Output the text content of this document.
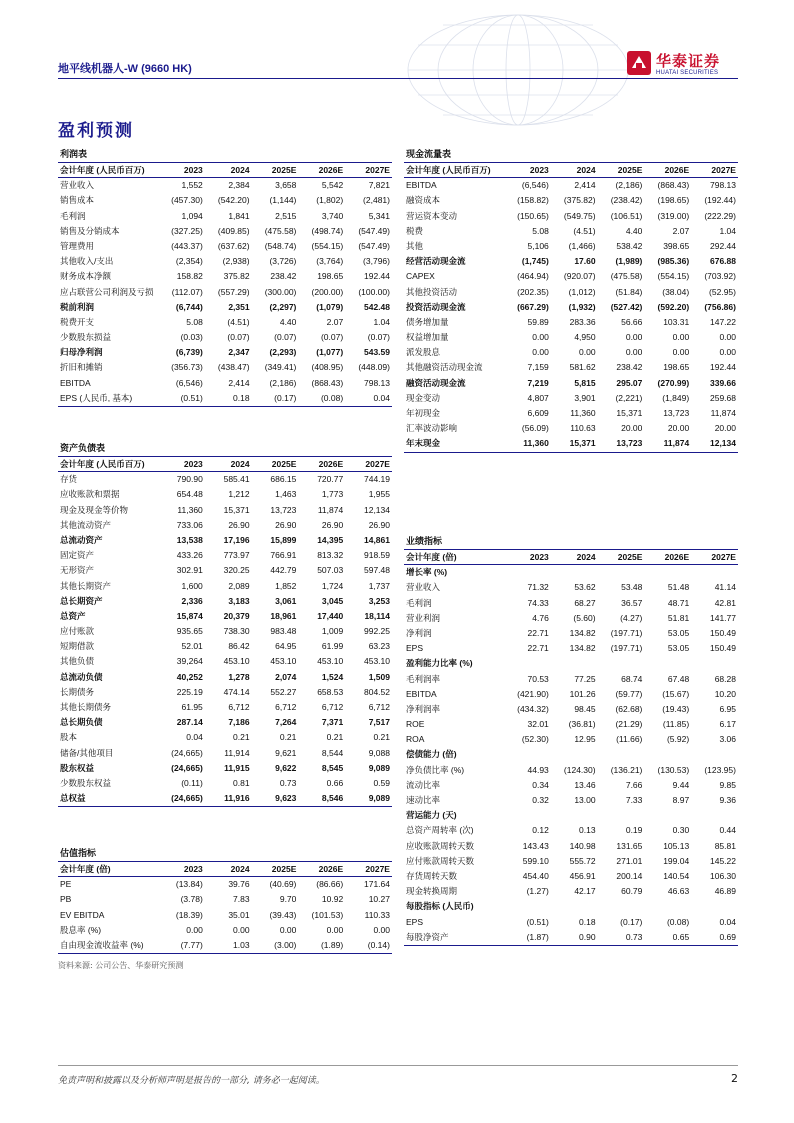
地平线机器人-W (9660 HK)	华泰证券
HUATAI SECURITIES
盈利预测
利润表
会计年度 (人民币百万)	2023	2024	2025E	2026E	2027E
营业收入	1,552	2,384	3,658	5,542	7,821
销售成本	(457.30)	(542.20)	(1,144)	(1,802)	(2,481)
毛利润	1,094	1,841	2,515	3,740	5,341
销售及分销成本	(327.25)	(409.85)	(475.58)	(498.74)	(547.49)
管理费用	(443.37)	(637.62)	(548.74)	(554.15)	(547.49)
其他收入/支出	(2,354)	(2,938)	(3,726)	(3,764)	(3,796)
财务成本净额	158.82	375.82	238.42	198.65	192.44
应占联营公司利润及亏损	(112.07)	(557.29)	(300.00)	(200.00)	(100.00)
税前利润	(6,744)	2,351	(2,297)	(1,079)	542.48
税费开支	5.08	(4.51)	4.40	2.07	1.04
少数股东损益	(0.03)	(0.07)	(0.07)	(0.07)	(0.07)
归母净利润	(6,739)	2,347	(2,293)	(1,077)	543.59
折旧和摊销	(356.73)	(438.47)	(349.41)	(408.95)	(448.09)
EBITDA	(6,546)	2,414	(2,186)	(868.43)	798.13
EPS (人民币, 基本)	(0.51)	0.18	(0.17)	(0.08)	0.04
资产负债表
会计年度 (人民币百万)	2023	2024	2025E	2026E	2027E
存货	790.90	585.41	686.15	720.77	744.19
应收账款和票据	654.48	1,212	1,463	1,773	1,955
现金及现金等价物	11,360	15,371	13,723	11,874	12,134
其他流动资产	733.06	26.90	26.90	26.90	26.90
总流动资产	13,538	17,196	15,899	14,395	14,861
固定资产	433.26	773.97	766.91	813.32	918.59
无形资产	302.91	320.25	442.79	507.03	597.48
其他长期资产	1,600	2,089	1,852	1,724	1,737
总长期资产	2,336	3,183	3,061	3,045	3,253
总资产	15,874	20,379	18,961	17,440	18,114
应付账款	935.65	738.30	983.48	1,009	992.25
短期借款	52.01	86.42	64.95	61.99	63.23
其他负债	39,264	453.10	453.10	453.10	453.10
总流动负债	40,252	1,278	2,074	1,524	1,509
长期债务	225.19	474.14	552.27	658.53	804.52
其他长期债务	61.95	6,712	6,712	6,712	6,712
总长期负债	287.14	7,186	7,264	7,371	7,517
股本	0.04	0.21	0.21	0.21	0.21
储备/其他项目	(24,665)	11,914	9,621	8,544	9,088
股东权益	(24,665)	11,915	9,622	8,545	9,089
少数股东权益	(0.11)	0.81	0.73	0.66	0.59
总权益	(24,665)	11,916	9,623	8,546	9,089
估值指标
会计年度 (倍)	2023	2024	2025E	2026E	2027E
PE	(13.84)	39.76	(40.69)	(86.66)	171.64
PB	(3.78)	7.83	9.70	10.92	10.27
EV EBITDA	(18.39)	35.01	(39.43)	(101.53)	110.33
股息率 (%)	0.00	0.00	0.00	0.00	0.00
自由现金流收益率 (%)	(7.77)	1.03	(3.00)	(1.89)	(0.14)
现金流量表
会计年度 (人民币百万)	2023	2024	2025E	2026E	2027E
EBITDA	(6,546)	2,414	(2,186)	(868.43)	798.13
融资成本	(158.82)	(375.82)	(238.42)	(198.65)	(192.44)
营运资本变动	(150.65)	(549.75)	(106.51)	(319.00)	(222.29)
税费	5.08	(4.51)	4.40	2.07	1.04
其他	5,106	(1,466)	538.42	398.65	292.44
经营活动现金流	(1,745)	17.60	(1,989)	(985.36)	676.88
CAPEX	(464.94)	(920.07)	(475.58)	(554.15)	(703.92)
其他投资活动	(202.35)	(1,012)	(51.84)	(38.04)	(52.95)
投资活动现金流	(667.29)	(1,932)	(527.42)	(592.20)	(756.86)
债务增加量	59.89	283.36	56.66	103.31	147.22
权益增加量	0.00	4,950	0.00	0.00	0.00
派发股息	0.00	0.00	0.00	0.00	0.00
其他融资活动现金流	7,159	581.62	238.42	198.65	192.44
融资活动现金流	7,219	5,815	295.07	(270.99)	339.66
现金变动	4,807	3,901	(2,221)	(1,849)	259.68
年初现金	6,609	11,360	15,371	13,723	11,874
汇率波动影响	(56.09)	110.63	20.00	20.00	20.00
年末现金	11,360	15,371	13,723	11,874	12,134
业绩指标
会计年度 (倍)	2023	2024	2025E	2026E	2027E
增长率 (%)
营业收入	71.32	53.62	53.48	51.48	41.14
毛利润	74.33	68.27	36.57	48.71	42.81
营业利润	4.76	(5.60)	(4.27)	51.81	141.77
净利润	22.71	134.82	(197.71)	53.05	150.49
EPS	22.71	134.82	(197.71)	53.05	150.49
盈利能力比率 (%)
毛利润率	70.53	77.25	68.74	67.48	68.28
EBITDA	(421.90)	101.26	(59.77)	(15.67)	10.20
净利润率	(434.32)	98.45	(62.68)	(19.43)	6.95
ROE	32.01	(36.81)	(21.29)	(11.85)	6.17
ROA	(52.30)	12.95	(11.66)	(5.92)	3.06
偿债能力 (倍)
净负债比率 (%)	44.93	(124.30)	(136.21)	(130.53)	(123.95)
流动比率	0.34	13.46	7.66	9.44	9.85
速动比率	0.32	13.00	7.33	8.97	9.36
营运能力 (天)
总资产周转率 (次)	0.12	0.13	0.19	0.30	0.44
应收账款周转天数	143.43	140.98	131.65	105.13	85.81
应付账款周转天数	599.10	555.72	271.01	199.04	145.22
存货周转天数	454.40	456.91	200.14	140.54	106.30
现金转换周期	(1.27)	42.17	60.79	46.63	46.89
每股指标 (人民币)
EPS	(0.51)	0.18	(0.17)	(0.08)	0.04
每股净资产	(1.87)	0.90	0.73	0.65	0.69
资料来源: 公司公告、华泰研究预测
免责声明和披露以及分析师声明是报告的一部分, 请务必一起阅读。	2
